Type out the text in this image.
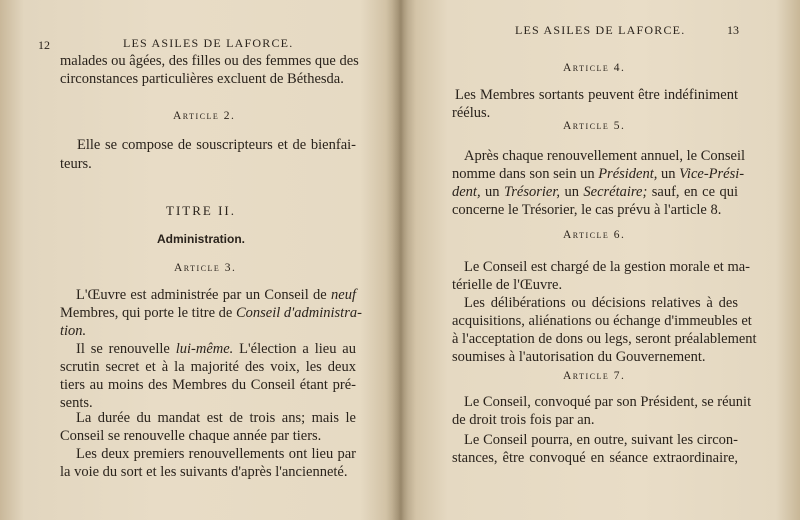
12	LES ASILES DE LAFORCE.
malades ou âgées, des filles ou des femmes que des
circonstances particulières excluent de Béthesda.
Article 2.
Elle se compose de souscripteurs et de bienfai-
teurs.
TITRE II.
Administration.
Article 3.
L'Œuvre est administrée par un Conseil de neuf
Membres, qui porte le titre de Conseil d'administra-
tion.
Il se renouvelle lui-même. L'élection a lieu au
scrutin secret et à la majorité des voix, les deux
tiers au moins des Membres du Conseil étant pré-
sents.
La durée du mandat est de trois ans; mais le
Conseil se renouvelle chaque année par tiers.
Les deux premiers renouvellements ont lieu par
la voie du sort et les suivants d'après l'ancienneté.
LES ASILES DE LAFORCE.	13
Article 4.
Les Membres sortants peuvent être indéfiniment
réélus.
Article 5.
Après chaque renouvellement annuel, le Conseil
nomme dans son sein un Président, un Vice-Prési-
dent, un Trésorier, un Secrétaire; sauf, en ce qui
concerne le Trésorier, le cas prévu à l'article 8.
Article 6.
Le Conseil est chargé de la gestion morale et ma-
térielle de l'Œuvre.
Les délibérations ou décisions relatives à des
acquisitions, aliénations ou échange d'immeubles et
à l'acceptation de dons ou legs, seront préalablement
soumises à l'autorisation du Gouvernement.
Article 7.
Le Conseil, convoqué par son Président, se réunit
de droit trois fois par an.
Le Conseil pourra, en outre, suivant les circon-
stances, être convoqué en séance extraordinaire,
